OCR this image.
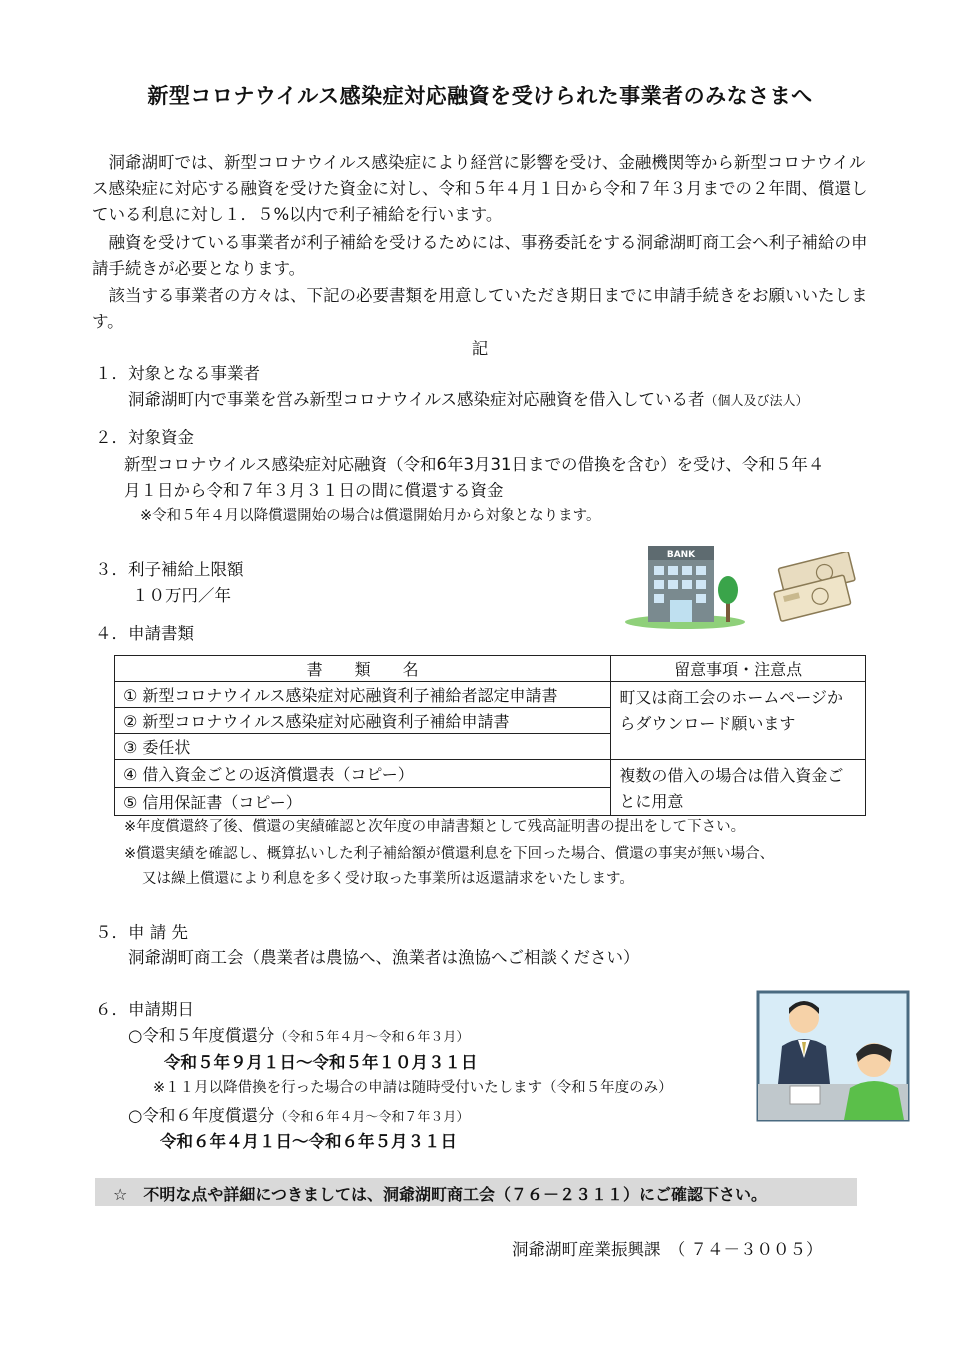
新型コロナウイルス感染症対応融資を受けられた事業者のみなさまへ
　洞爺湖町では、新型コロナウイルス感染症により経営に影響を受け、金融機関等から新型コロナウイルス感染症に対応する融資を受けた資金に対し、令和５年４月１日から令和７年３月までの２年間、償還している利息に対し１．５%以内で利子補給を行います。
　融資を受けている事業者が利子補給を受けるためには、事務委託をする洞爺湖町商工会へ利子補給の申請手続きが必要となります。
　該当する事業者の方々は、下記の必要書類を用意していただき期日までに申請手続きをお願いいたします。
記
１．対象となる事業者
洞爺湖町内で事業を営み新型コロナウイルス感染症対応融資を借入している者（個人及び法人）
２．対象資金
新型コロナウイルス感染症対応融資（令和6年3月31日までの借換を含む）を受け、令和５年４
月１日から令和７年３月３１日の間に償還する資金
※令和５年４月以降償還開始の場合は償還開始月から対象となります。
３．利子補給上限額
１０万円／年
BANK
４．申請書類
書　　類　　名	留意事項・注意点
① 新型コロナウイルス感染症対応融資利子補給者認定申請書	町又は商工会のホームページからダウンロード願います
② 新型コロナウイルス感染症対応融資利子補給申請書	
③ 委任状	
④ 借入資金ごとの返済償還表（コピー）	複数の借入の場合は借入資金ごとに用意
⑤ 信用保証書（コピー）	
※年度償還終了後、償還の実績確認と次年度の申請書類として残高証明書の提出をして下さい。
※償還実績を確認し、概算払いした利子補給額が償還利息を下回った場合、償還の事実が無い場合、
又は繰上償還により利息を多く受け取った事業所は返還請求をいたします。
５．申 請 先
洞爺湖町商工会（農業者は農協へ、漁業者は漁協へご相談ください）
６．申請期日
○令和５年度償還分（令和５年４月～令和６年３月）
令和５年９月１日～令和５年１０月３１日
※１１月以降借換を行った場合の申請は随時受付いたします（令和５年度のみ）
○令和６年度償還分（令和６年４月～令和７年３月）
令和６年４月１日～令和６年５月３１日
☆　不明な点や詳細につきましては、洞爺湖町商工会（７６－２３１１）にご確認下さい。
洞爺湖町産業振興課　（ ７４－３００５）
